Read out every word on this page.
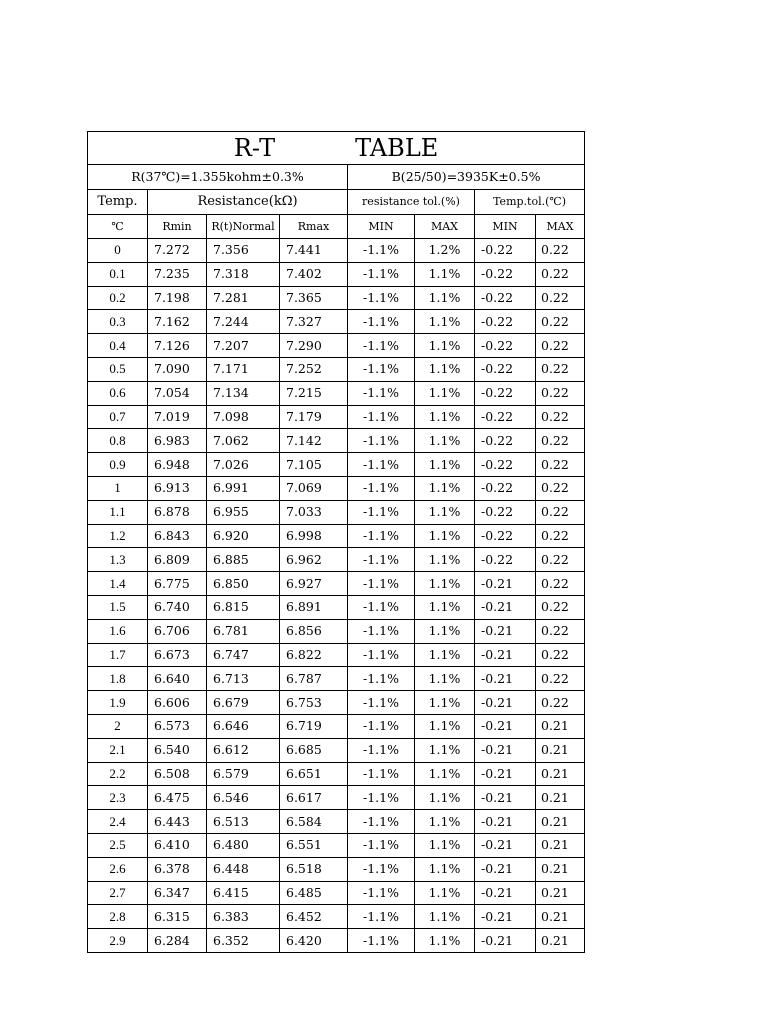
R-T TABLE							
R(37℃)=1.355kohm±0.3%				B(25/50)=3935K±0.5%			
Temp.	Resistance(kΩ)			resistance tol.(%)		Temp.tol.(℃)	
℃	Rmin	R(t)Normal	Rmax	MIN	MAX	MIN	MAX
0	7.272	7.356	7.441	-1.1%	1.2%	-0.22	0.22
0.1	7.235	7.318	7.402	-1.1%	1.1%	-0.22	0.22
0.2	7.198	7.281	7.365	-1.1%	1.1%	-0.22	0.22
0.3	7.162	7.244	7.327	-1.1%	1.1%	-0.22	0.22
0.4	7.126	7.207	7.290	-1.1%	1.1%	-0.22	0.22
0.5	7.090	7.171	7.252	-1.1%	1.1%	-0.22	0.22
0.6	7.054	7.134	7.215	-1.1%	1.1%	-0.22	0.22
0.7	7.019	7.098	7.179	-1.1%	1.1%	-0.22	0.22
0.8	6.983	7.062	7.142	-1.1%	1.1%	-0.22	0.22
0.9	6.948	7.026	7.105	-1.1%	1.1%	-0.22	0.22
1	6.913	6.991	7.069	-1.1%	1.1%	-0.22	0.22
1.1	6.878	6.955	7.033	-1.1%	1.1%	-0.22	0.22
1.2	6.843	6.920	6.998	-1.1%	1.1%	-0.22	0.22
1.3	6.809	6.885	6.962	-1.1%	1.1%	-0.22	0.22
1.4	6.775	6.850	6.927	-1.1%	1.1%	-0.21	0.22
1.5	6.740	6.815	6.891	-1.1%	1.1%	-0.21	0.22
1.6	6.706	6.781	6.856	-1.1%	1.1%	-0.21	0.22
1.7	6.673	6.747	6.822	-1.1%	1.1%	-0.21	0.22
1.8	6.640	6.713	6.787	-1.1%	1.1%	-0.21	0.22
1.9	6.606	6.679	6.753	-1.1%	1.1%	-0.21	0.22
2	6.573	6.646	6.719	-1.1%	1.1%	-0.21	0.21
2.1	6.540	6.612	6.685	-1.1%	1.1%	-0.21	0.21
2.2	6.508	6.579	6.651	-1.1%	1.1%	-0.21	0.21
2.3	6.475	6.546	6.617	-1.1%	1.1%	-0.21	0.21
2.4	6.443	6.513	6.584	-1.1%	1.1%	-0.21	0.21
2.5	6.410	6.480	6.551	-1.1%	1.1%	-0.21	0.21
2.6	6.378	6.448	6.518	-1.1%	1.1%	-0.21	0.21
2.7	6.347	6.415	6.485	-1.1%	1.1%	-0.21	0.21
2.8	6.315	6.383	6.452	-1.1%	1.1%	-0.21	0.21
2.9	6.284	6.352	6.420	-1.1%	1.1%	-0.21	0.21
